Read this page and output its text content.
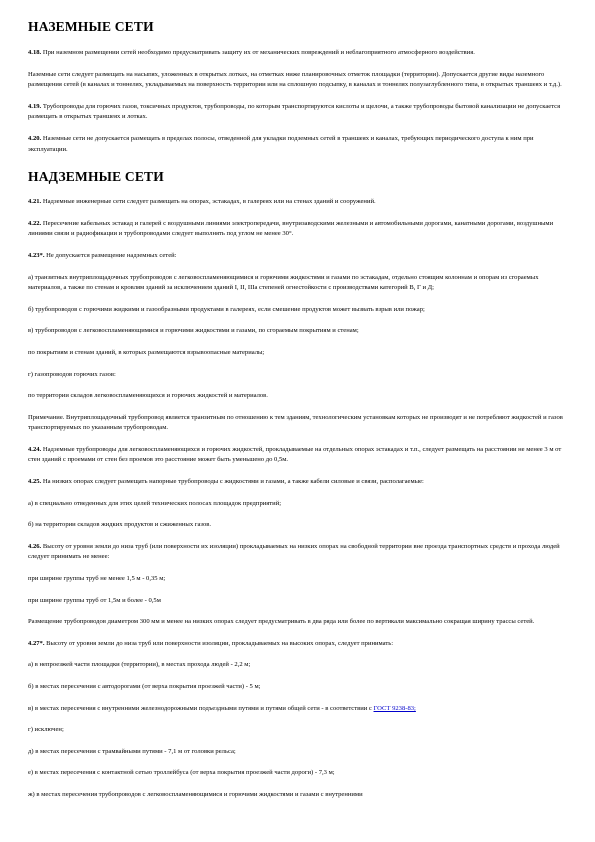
НАЗЕМНЫЕ СЕТИ

4.18. При наземном размещении сетей необходимо предусматривать защиту их от механических повреждений и неблагоприятного атмосферного воздействия.

Наземные сети следует размещать на насыпях, уложенных в открытых лотках, на отметках ниже планировочных отметок площадки (территории). Допускается другие виды наземного размещения сетей (в каналах и тоннелях, укладываемых на поверхность территории или на сплошную подсыпку, в каналах и тоннелях полузаглубленного типа, в открытых траншеях и т.д.).

4.19. Трубопроводы для горючих газов, токсичных продуктов, трубопроводы, по которым транспортируются кислоты и щелочи, а также трубопроводы бытовой канализации не допускается размещать в открытых траншеях и лотках.

4.20. Наземные сети не допускается размещать в пределах полосы, отведенной для укладки подземных сетей в траншеях и каналах, требующих периодического доступа к ним при эксплуатации.

НАДЗЕМНЫЕ СЕТИ

4.21. Надземные инженерные сети следует размещать на опорах, эстакадах, в галереях или на стенах зданий и сооружений.

4.22. Пересечение кабельных эстакад и галерей с воздушными линиями электропередачи, внутризаводскими железными и автомобильными дорогами, канатными дорогами, воздушными линиями связи и радиофикации и трубопроводами следует выполнять под углом не менее 30°.

4.23*. Не допускается размещение надземных сетей:

а) транзитных внутриплощадочных трубопроводов с легковоспламеняющимися и горючими жидкостями и газами по эстакадам, отдельно стоящим колоннам и опорам из сгораемых материалов, а также по стенам и кровлям зданий за исключением зданий I, II, IIIа степеней огнестойкости с производствами категорий В, Г и Д;

б) трубопроводов с горючими жидкими и газообразными продуктами в галереях, если смешение продуктов может вызвать взрыв или пожар;

в) трубопроводов с легковоспламеняющимися и горючими жидкостями и газами, по сгораемым покрытиям и стенам;

по покрытиям и стенам зданий, в которых размещаются взрывоопасные материалы;

г) газопроводов горючих газов:

по территории складов легковоспламеняющихся и горючих жидкостей и материалов.

Примечание. Внутриплощадочный трубопровод является транзитным по отношению к тем зданиям, технологическим установкам которых не производят и не потребляют жидкостей и газов транспортируемых по указанным трубопроводам.

4.24. Надземные трубопроводы для легковоспламеняющихся и горючих жидкостей, прокладываемые на отдельных опорах эстакадах и т.п., следует размещать на расстоянии не менее 3 м от стен зданий с проемами от стен без проемов это расстояние может быть уменьшено до 0,5м.

4.25. На низких опорах следует размещать напорные трубопроводы с жидкостями и газами, а также кабели силовые и связи, располагаемые:

а) в специально отведенных для этих целей технических полосах площадок предприятий;

б) на территории складов жидких продуктов и сжиженных газов.

4.26. Высоту от уровня земли до низа труб (или поверхности их изоляции) прокладываемых на низких опорах на свободной территории вне проезда транспортных средств и прохода людей следует принимать не менее:

при ширине группы труб не менее 1,5 м - 0,35 м;

при ширине группы труб от 1,5м и более - 0,5м

Размещение трубопроводов диаметром 300 мм и менее на низких опорах следует предусматривать в два ряда или более по вертикали максимально сокращая ширину трассы сетей.

4.27*. Высоту от уровня земли до низа труб или поверхности изоляции, прокладываемых на высоких опорах, следует принимать:

а) в непроезжей части площадки (территории), в местах прохода людей - 2,2 м;

б) в местах пересечения с автодорогами (от верха покрытия проезжей части) - 5 м;

в) в местах пересечения с внутренними железнодорожными подъездными путями и путями общей сети - в соответствии с ГОСТ 9238-83;

г) исключен;

д) в местах пересечения с трамвайными путями - 7,1 м от головки рельса;

е) в местах пересечения с контактной сетью троллейбуса (от верха покрытия проезжей части дороги) - 7,3 м;

ж) в местах пересечения трубопроводов с легковоспламеняющимися и горючими жидкостями и газами с внутренними
